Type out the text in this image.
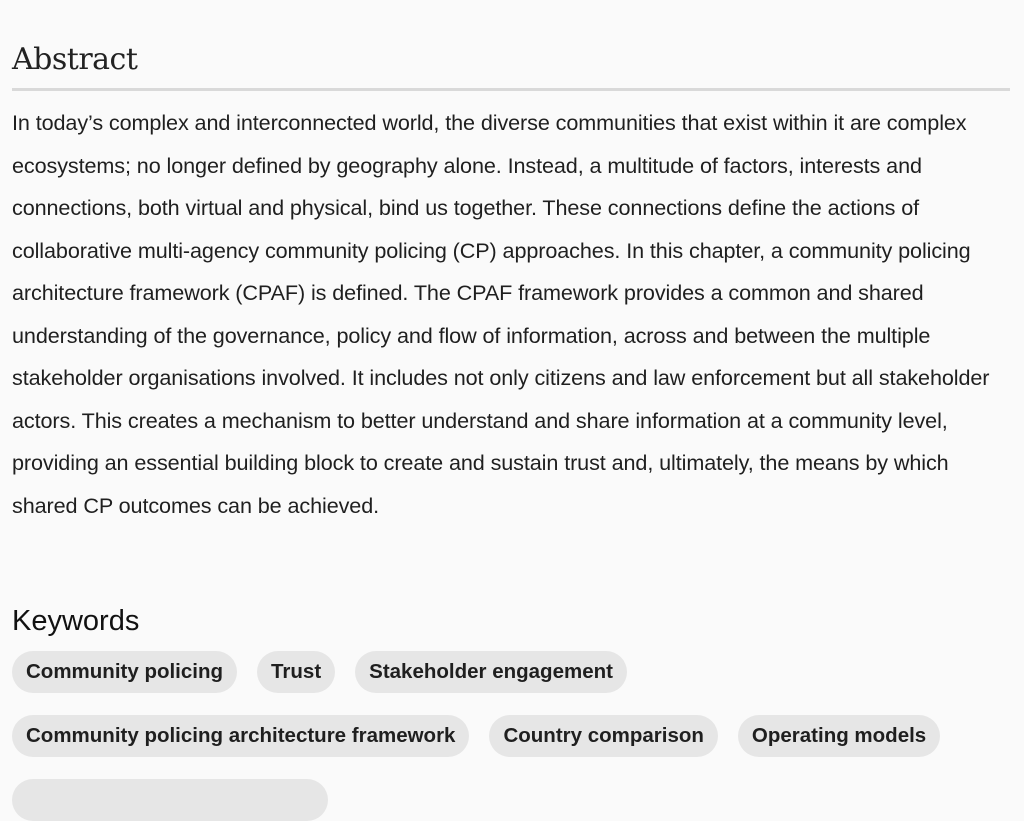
Abstract

In today’s complex and interconnected world, the diverse communities that exist within it are complex ecosystems; no longer defined by geography alone. Instead, a multitude of factors, interests and connections, both virtual and physical, bind us together. These connections define the actions of collaborative multi-agency community policing (CP) approaches. In this chapter, a community policing architecture framework (CPAF) is defined. The CPAF framework provides a common and shared understanding of the governance, policy and flow of information, across and between the multiple stakeholder organisations involved. It includes not only citizens and law enforcement but all stakeholder actors. This creates a mechanism to better understand and share information at a community level, providing an essential building block to create and sustain trust and, ultimately, the means by which shared CP outcomes can be achieved.

Keywords
Community policing	Trust	Stakeholder engagement
Community policing architecture framework	Country comparison	Operating models
